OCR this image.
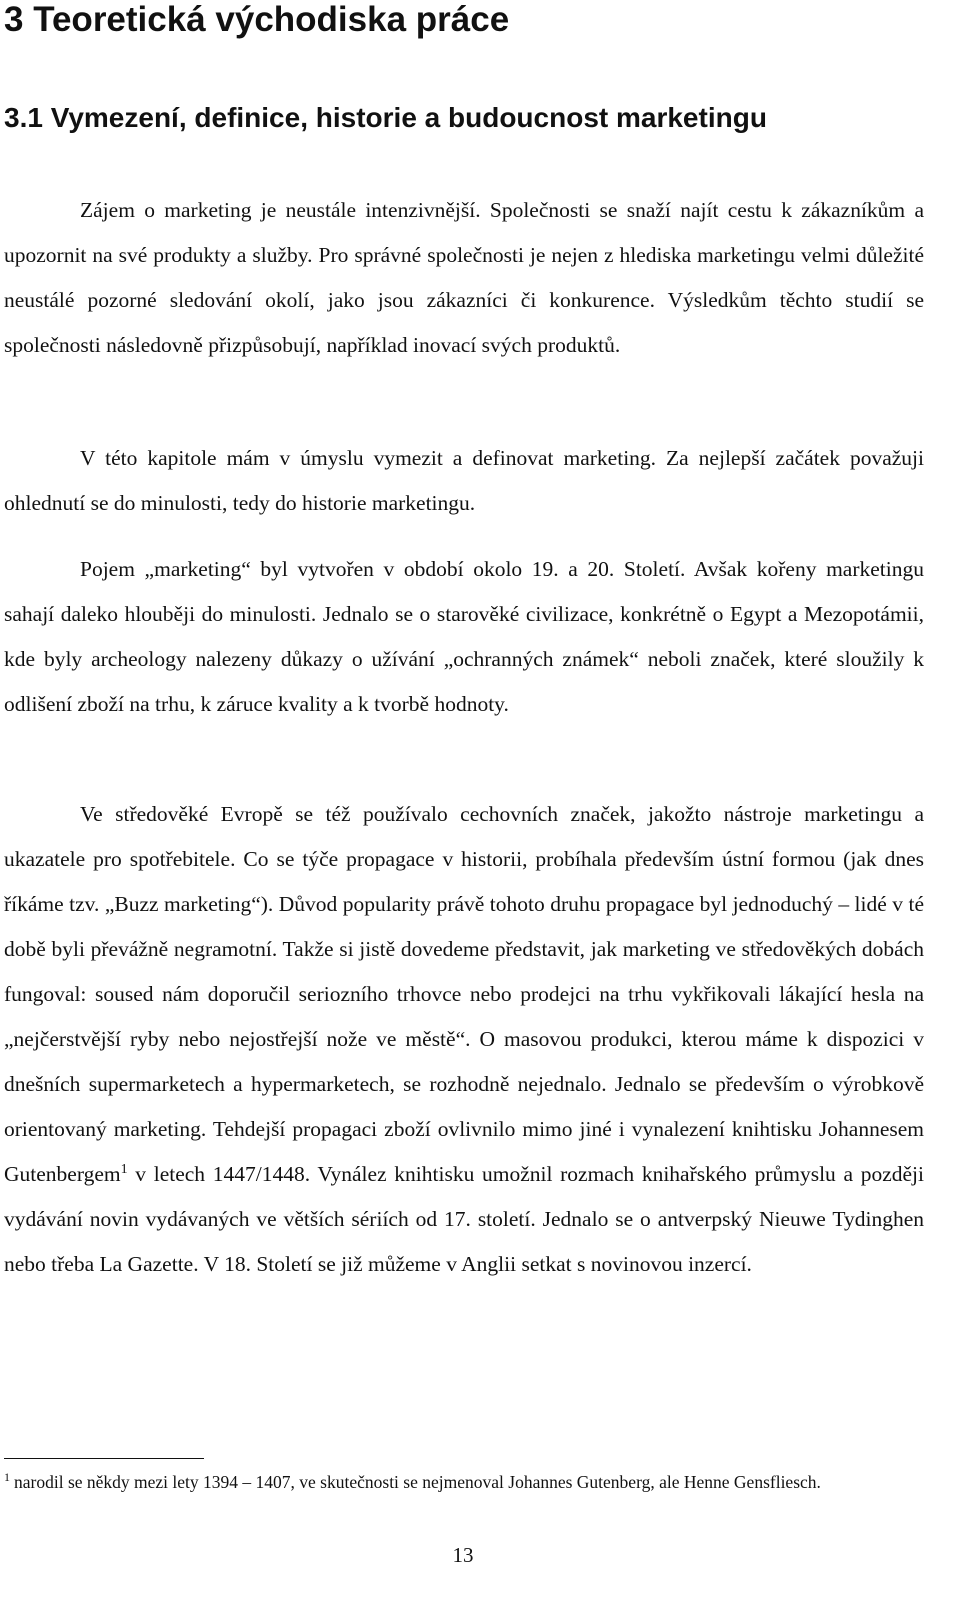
3 Teoretická východiska práce
3.1 Vymezení, definice, historie a budoucnost marketingu

Zájem o marketing je neustále intenzivnější. Společnosti se snaží najít cestu k zákazníkům a upozornit na své produkty a služby. Pro správné společnosti je nejen z hlediska marketingu velmi důležité neustálé pozorné sledování okolí, jako jsou zákazníci či konkurence. Výsledkům těchto studií se společnosti následovně přizpůsobují, například inovací svých produktů.

V této kapitole mám v úmyslu vymezit a definovat marketing. Za nejlepší začátek považuji ohlednutí se do minulosti, tedy do historie marketingu.

Pojem „marketing“ byl vytvořen v období okolo 19. a 20. Století. Avšak kořeny marketingu sahají daleko hlouběji do minulosti. Jednalo se o starověké civilizace, konkrétně o Egypt a Mezopotámii, kde byly archeology nalezeny důkazy o užívání „ochranných známek“ neboli značek, které sloužily k odlišení zboží na trhu, k záruce kvality a k tvorbě hodnoty.

Ve středověké Evropě se též používalo cechovních značek, jakožto nástroje marketingu a ukazatele pro spotřebitele. Co se týče propagace v historii, probíhala především ústní formou (jak dnes říkáme tzv. „Buzz marketing“). Důvod popularity právě tohoto druhu propagace byl jednoduchý – lidé v té době byli převážně negramotní. Takže si jistě dovedeme představit, jak marketing ve středověkých dobách fungoval: soused nám doporučil seriozního trhovce nebo prodejci na trhu vykřikovali lákající hesla na „nejčerstvější ryby nebo nejostřejší nože ve městě“. O masovou produkci, kterou máme k dispozici v dnešních supermarketech a hypermarketech, se rozhodně nejednalo. Jednalo se především o výrobkově orientovaný marketing. Tehdejší propagaci zboží ovlivnilo mimo jiné i vynalezení knihtisku Johannesem Gutenbergem$^1$ v letech 1447/1448. Vynález knihtisku umožnil rozmach knihařského průmyslu a později vydávání novin vydávaných ve větších sériích od 17. století. Jednalo se o antverpský Nieuwe Tydinghen nebo třeba La Gazette. V 18. Století se již můžeme v Anglii setkat s novinovou inzercí.

$^1$ narodil se někdy mezi lety 1394 – 1407, ve skutečnosti se nejmenoval Johannes Gutenberg, ale Henne Gensfliesch.

13
